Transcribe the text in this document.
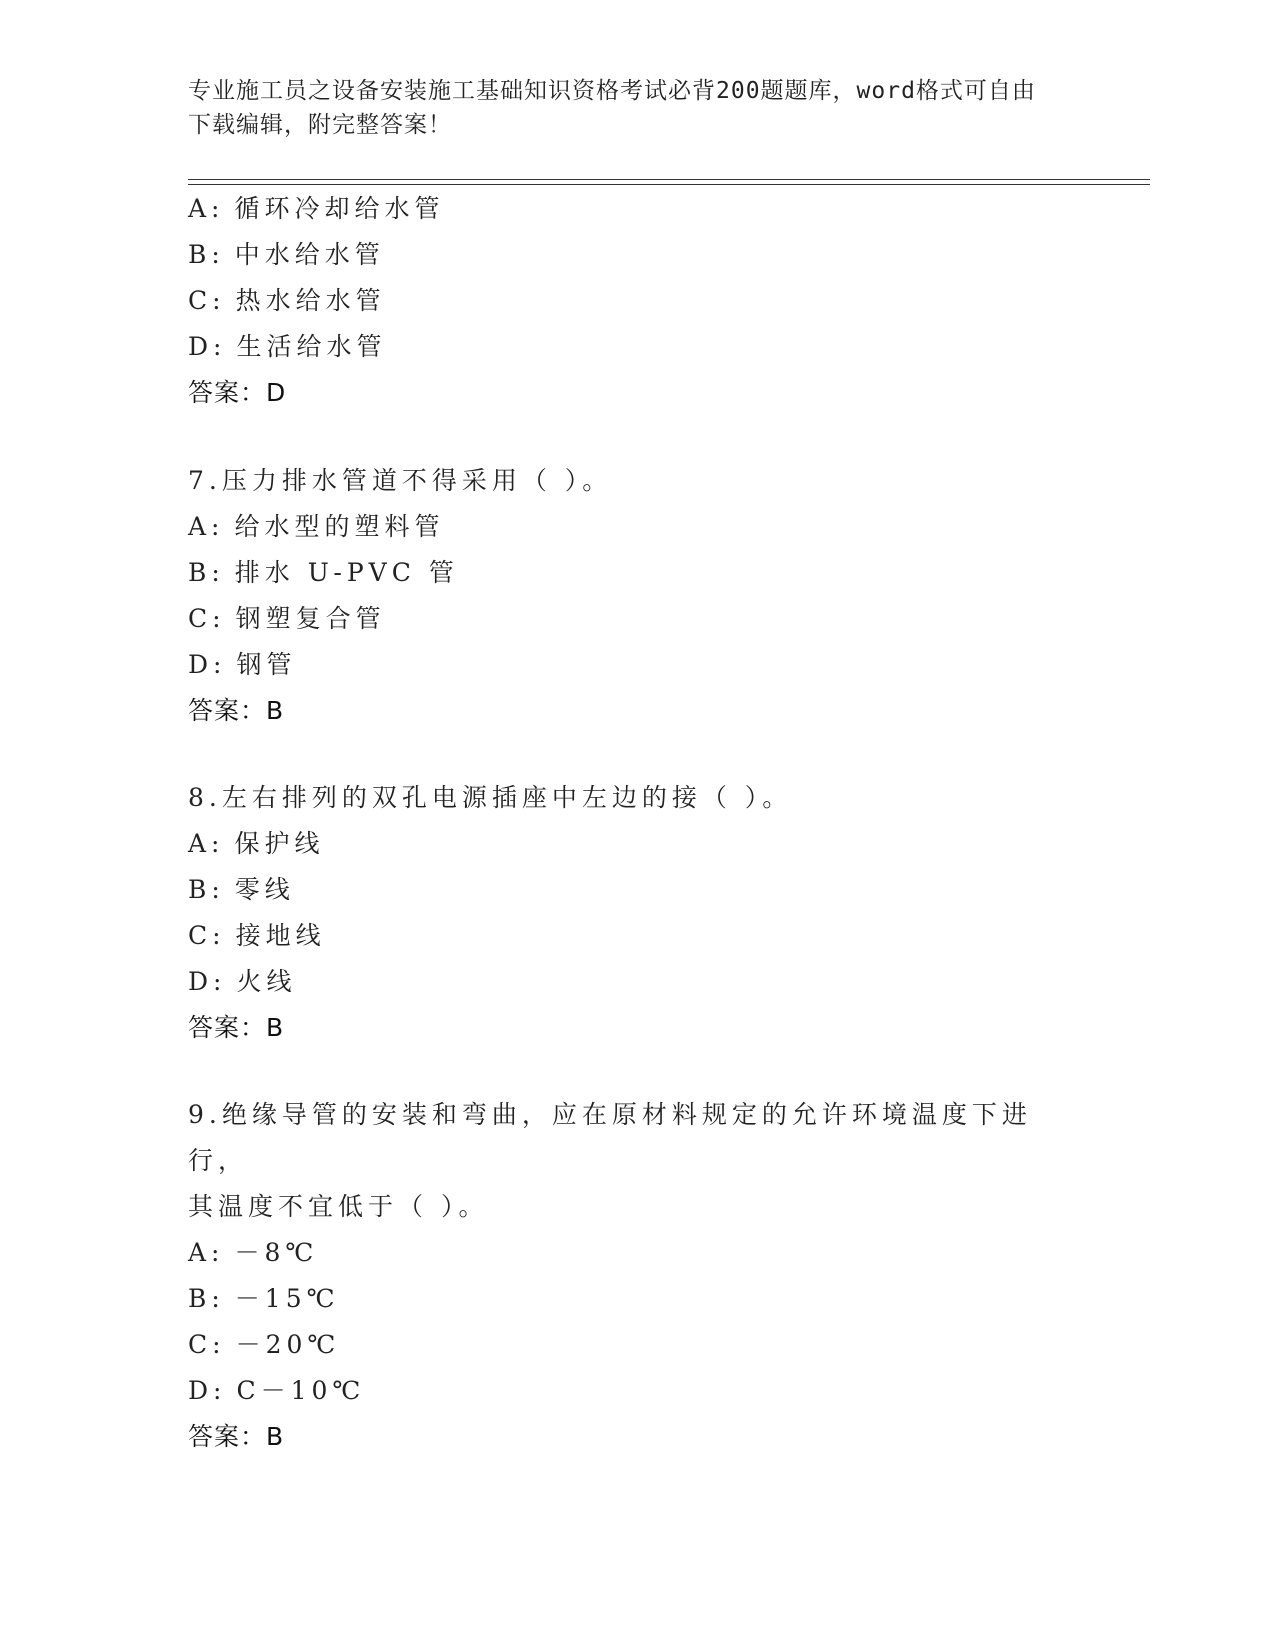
专业施工员之设备安装施工基础知识资格考试必背200题题库，word格式可自由
下载编辑，附完整答案！
A: 循环冷却给水管
B: 中水给水管
C: 热水给水管
D: 生活给水管
答案：D
7.压力排水管道不得采用（ ）。
A: 给水型的塑料管
B: 排水 U-PVC 管
C: 钢塑复合管
D: 钢管
答案：B
8.左右排列的双孔电源插座中左边的接（ ）。
A: 保护线
B: 零线
C: 接地线
D: 火线
答案：B
9.绝缘导管的安装和弯曲，应在原材料规定的允许环境温度下进行，
其温度不宜低于（ ）。
A: －8℃
B: －15℃
C: －20℃
D: C－10℃
答案：B
